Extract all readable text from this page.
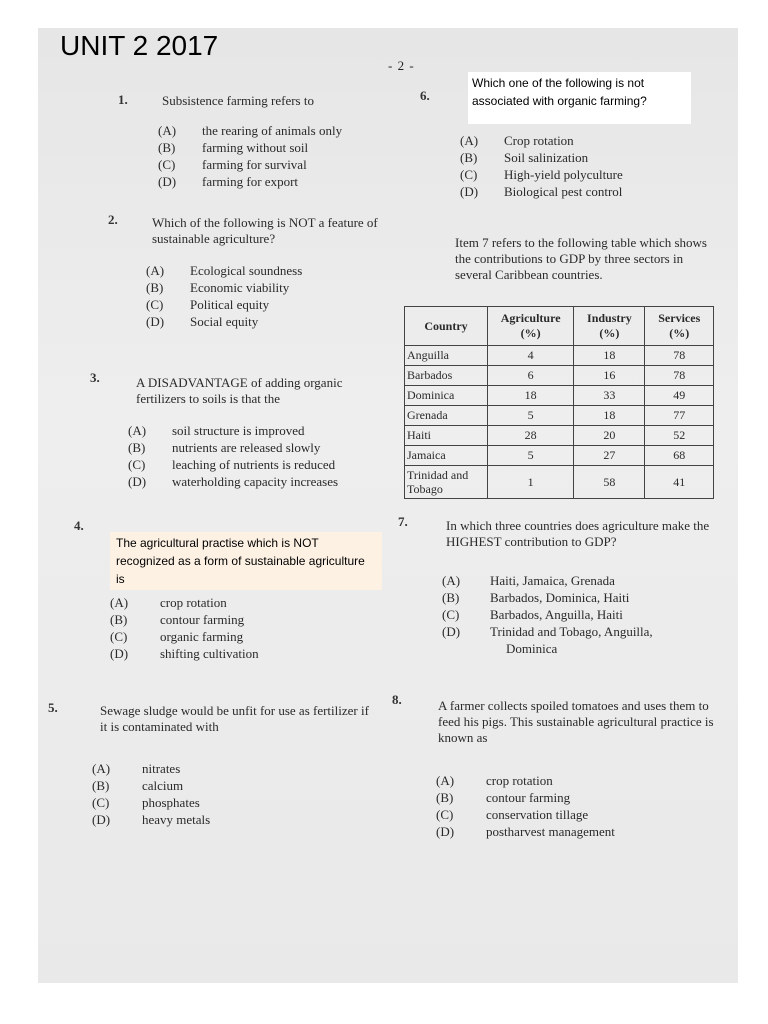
UNIT 2 2017
- 2 -
1.	Subsistence farming refers to
(A) the rearing of animals only
(B) farming without soil
(C) farming for survival
(D) farming for export
2.	Which of the following is NOT a feature of sustainable agriculture?
(A) Ecological soundness
(B) Economic viability
(C) Political equity
(D) Social equity
3.	A DISADVANTAGE of adding organic fertilizers to soils is that the
(A) soil structure is improved
(B) nutrients are released slowly
(C) leaching of nutrients is reduced
(D) waterholding capacity increases
4.
The agricultural practise which is NOT recognized as a form of sustainable agriculture is
(A) crop rotation
(B)	contour farming
(C)	organic farming
(D) shifting cultivation
5.	Sewage sludge would be unfit for use as fertilizer if it is contaminated with
(A) nitrates
(B)	calcium
(C)	phosphates
(D) heavy metals
6.
Which one of the following is not associated with organic farming?
(A) Crop rotation
(B) Soil salinization
(C) High-yield polyculture
(D) Biological pest control
Item 7 refers to the following table which shows the contributions to GDP by three sectors in several Caribbean countries.
Country	Agriculture (%)	Industry (%)	Services (%)
Anguilla	4	18	78
Barbados	6	16	78
Dominica	18	33	49
Grenada	5	18	77
Haiti	28	20	52
Jamaica	5	27	68
Trinidad and Tobago	1	58	41
7.	In which three countries does agriculture make the HIGHEST contribution to GDP?
(A) Haiti, Jamaica, Grenada
(B) Barbados, Dominica, Haiti
(C) Barbados, Anguilla, Haiti
(D) Trinidad and Tobago, Anguilla,
Dominica
8.	A farmer collects spoiled tomatoes and uses them to feed his pigs. This sustainable agricultural practice is known as
(A) crop rotation
(B)	contour farming
(C)	conservation tillage
(D) postharvest management
